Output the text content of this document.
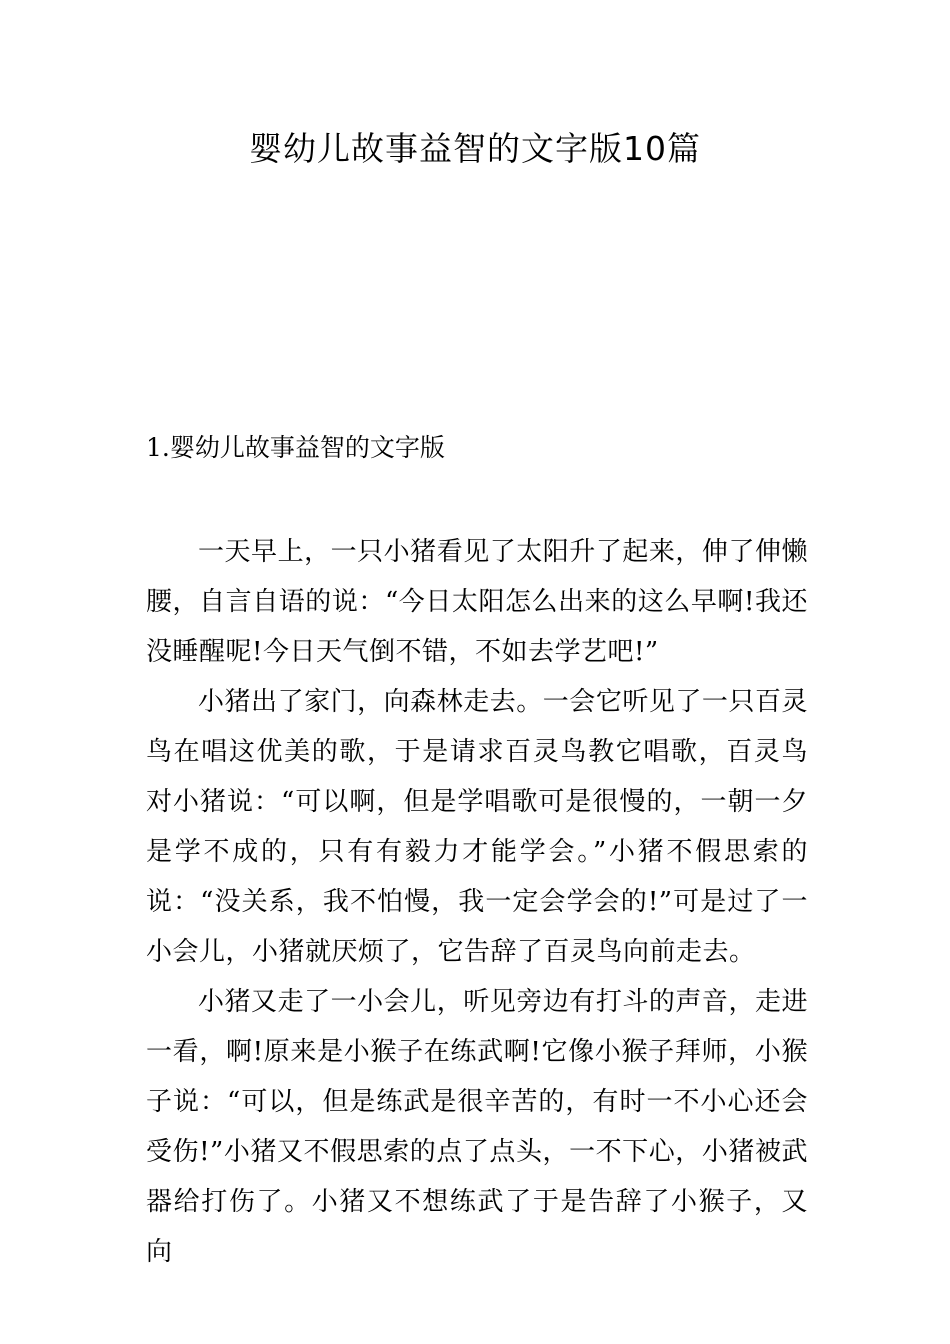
婴幼儿故事益智的文字版10篇
1.婴幼儿故事益智的文字版

一天早上，一只小猪看见了太阳升了起来，伸了伸懒腰，自言自语的说：“今日太阳怎么出来的这么早啊!我还没睡醒呢!今日天气倒不错，不如去学艺吧!”

小猪出了家门，向森林走去。一会它听见了一只百灵鸟在唱这优美的歌，于是请求百灵鸟教它唱歌，百灵鸟对小猪说：“可以啊，但是学唱歌可是很慢的，一朝一夕是学不成的，只有有毅力才能学会。”小猪不假思索的说：“没关系，我不怕慢，我一定会学会的!”可是过了一小会儿，小猪就厌烦了，它告辞了百灵鸟向前走去。

小猪又走了一小会儿，听见旁边有打斗的声音，走进一看，啊!原来是小猴子在练武啊!它像小猴子拜师，小猴子说：“可以，但是练武是很辛苦的，有时一不小心还会受伤!”小猪又不假思索的点了点头，一不下心，小猪被武器给打伤了。小猪又不想练武了于是告辞了小猴子，又向
